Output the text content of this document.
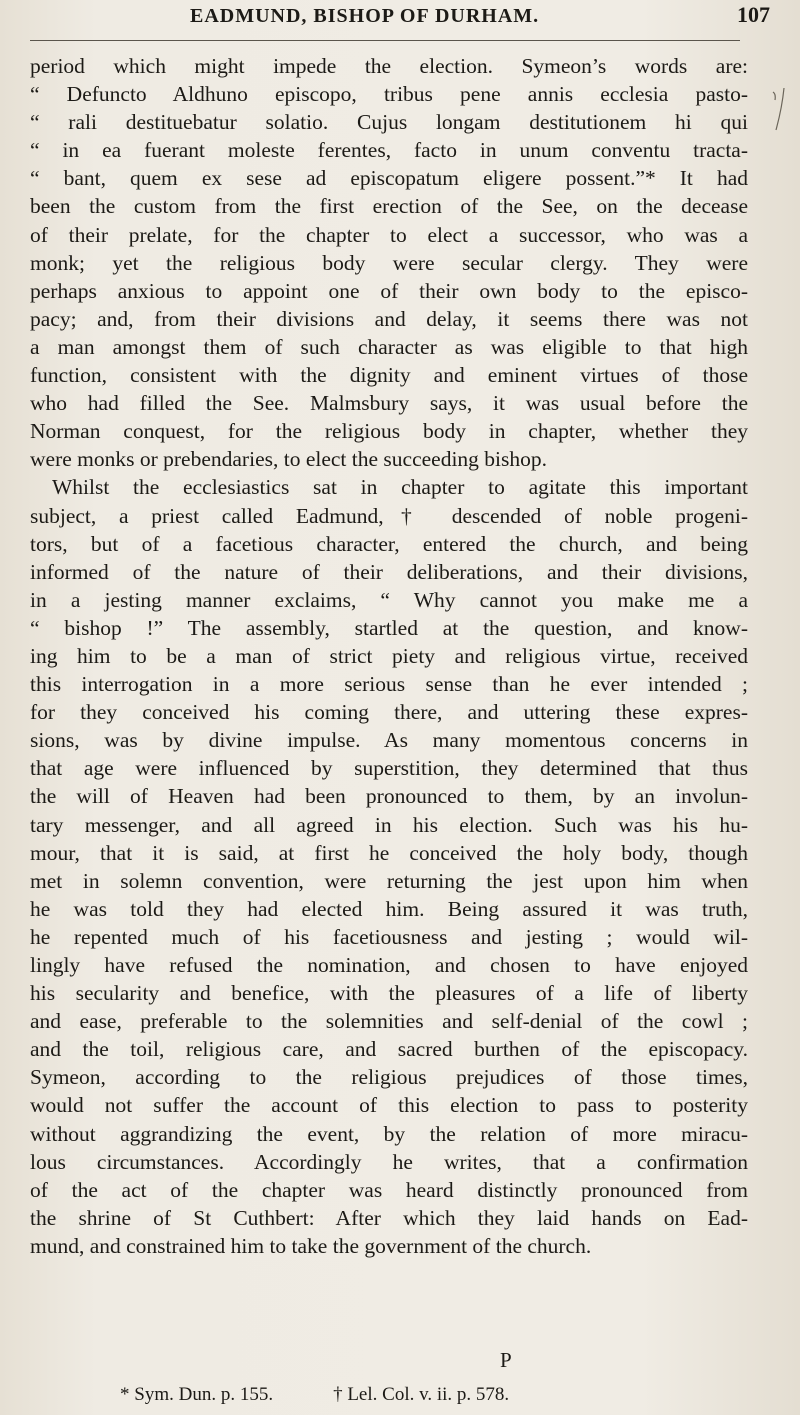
EADMUND, BISHOP OF DURHAM.	107
period which might impede the election. Symeon’s words are:
“ Defuncto Aldhuno episcopo, tribus pene annis ecclesia pasto-
“ rali destituebatur solatio. Cujus longam destitutionem hi qui
“ in ea fuerant moleste ferentes, facto in unum conventu tracta-
“ bant, quem ex sese ad episcopatum eligere possent.”* It had
been the custom from the first erection of the See, on the decease
of their prelate, for the chapter to elect a successor, who was a
monk; yet the religious body were secular clergy. They were
perhaps anxious to appoint one of their own body to the episco-
pacy; and, from their divisions and delay, it seems there was not
a man amongst them of such character as was eligible to that high
function, consistent with the dignity and eminent virtues of those
who had filled the See. Malmsbury says, it was usual before the
Norman conquest, for the religious body in chapter, whether they
were monks or prebendaries, to elect the succeeding bishop.
Whilst the ecclesiastics sat in chapter to agitate this important
subject, a priest called Eadmund,† descended of noble progeni-
tors, but of a facetious character, entered the church, and being
informed of the nature of their deliberations, and their divisions,
in a jesting manner exclaims, “ Why cannot you make me a
“ bishop !” The assembly, startled at the question, and know-
ing him to be a man of strict piety and religious virtue, received
this interrogation in a more serious sense than he ever intended ;
for they conceived his coming there, and uttering these expres-
sions, was by divine impulse. As many momentous concerns in
that age were influenced by superstition, they determined that thus
the will of Heaven had been pronounced to them, by an involun-
tary messenger, and all agreed in his election. Such was his hu-
mour, that it is said, at first he conceived the holy body, though
met in solemn convention, were returning the jest upon him when
he was told they had elected him. Being assured it was truth,
he repented much of his facetiousness and jesting ; would wil-
lingly have refused the nomination, and chosen to have enjoyed
his secularity and benefice, with the pleasures of a life of liberty
and ease, preferable to the solemnities and self-denial of the cowl ;
and the toil, religious care, and sacred burthen of the episcopacy.
Symeon, according to the religious prejudices of those times,
would not suffer the account of this election to pass to posterity
without aggrandizing the event, by the relation of more miracu-
lous circumstances. Accordingly he writes, that a confirmation
of the act of the chapter was heard distinctly pronounced from
the shrine of St Cuthbert: After which they laid hands on Ead-
mund, and constrained him to take the government of the church.
P
* Sym. Dun. p. 155.	† Lel. Col. v. ii. p. 578.
